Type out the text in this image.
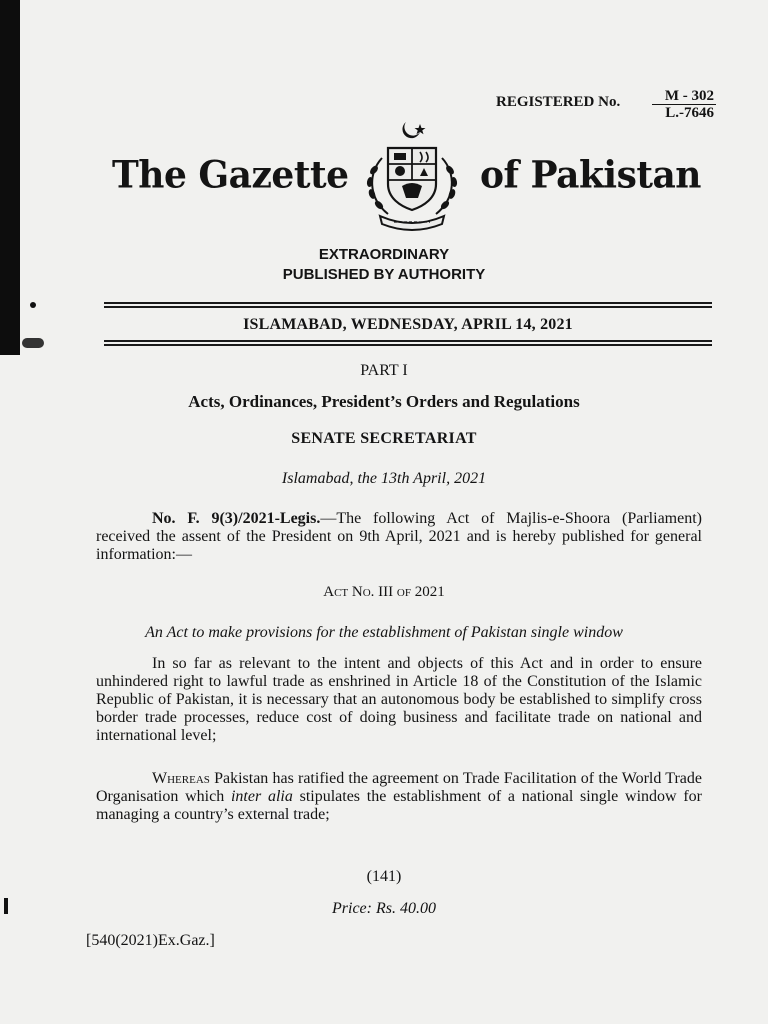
REGISTERED No. $\frac{M - 302}{L.-7646}$
The Gazette	of Pakistan
EXTRAORDINARY
PUBLISHED BY AUTHORITY
ISLAMABAD, WEDNESDAY, APRIL 14, 2021
PART I
Acts, Ordinances, President’s Orders and Regulations
SENATE SECRETARIAT
Islamabad, the 13th April, 2021
No. F. 9(3)/2021-Legis.—The following Act of Majlis-e-Shoora (Parliament) received the assent of the President on 9th April, 2021 and is hereby published for general information:—
Act No. III of 2021
An Act to make provisions for the establishment of Pakistan single window
In so far as relevant to the intent and objects of this Act and in order to ensure unhindered right to lawful trade as enshrined in Article 18 of the Constitution of the Islamic Republic of Pakistan, it is necessary that an autonomous body be established to simplify cross border trade processes, reduce cost of doing business and facilitate trade on national and international level;
Whereas Pakistan has ratified the agreement on Trade Facilitation of the World Trade Organisation which inter alia stipulates the establishment of a national single window for managing a country’s external trade;
(141)
Price: Rs. 40.00
[540(2021)Ex.Gaz.]
